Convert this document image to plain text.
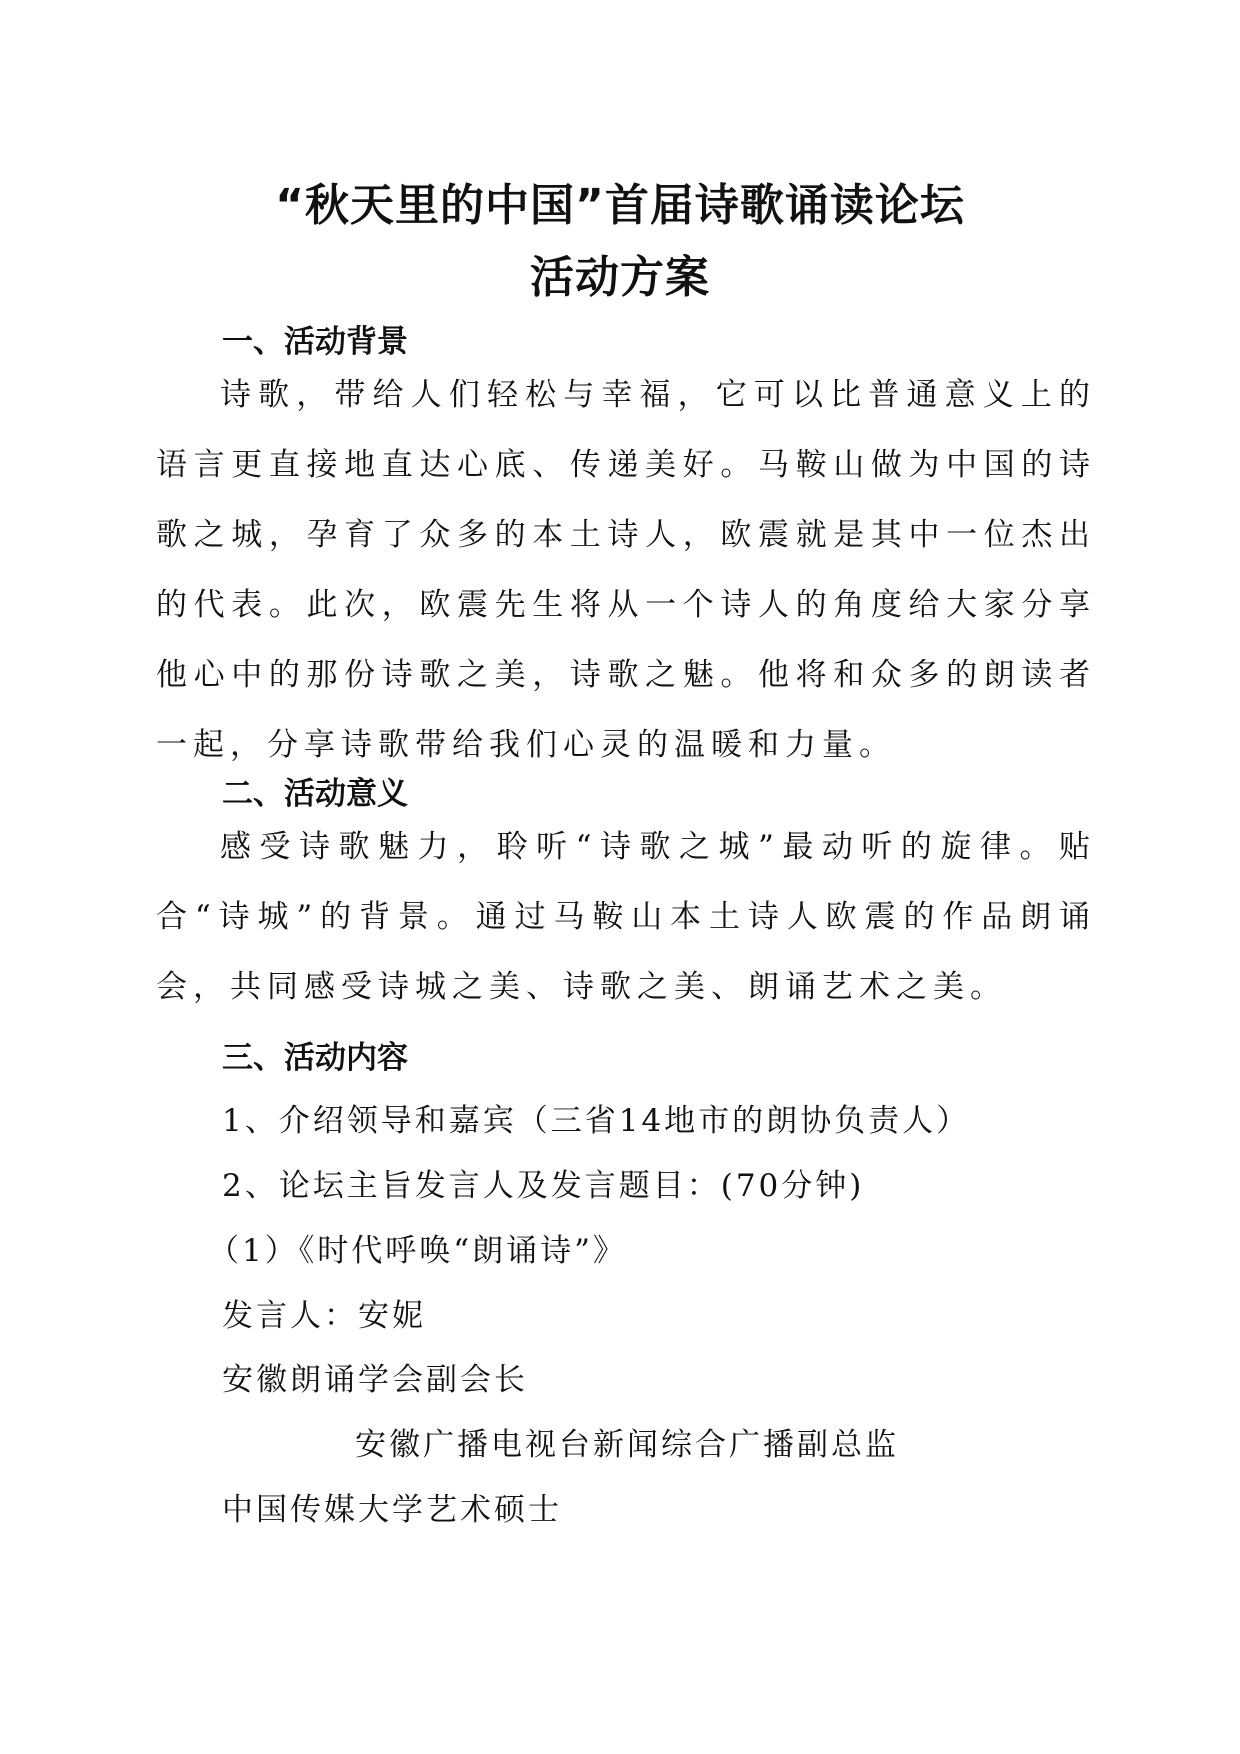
“秋天里的中国”首届诗歌诵读论坛
活动方案
一、活动背景
诗歌，带给人们轻松与幸福，它可以比普通意义上的语言更直接地直达心底、传递美好。马鞍山做为中国的诗歌之城，孕育了众多的本土诗人，欧震就是其中一位杰出的代表。此次，欧震先生将从一个诗人的角度给大家分享他心中的那份诗歌之美，诗歌之魅。他将和众多的朗读者一起，分享诗歌带给我们心灵的温暖和力量。
二、活动意义
感受诗歌魅力，聆听“诗歌之城”最动听的旋律。贴合“诗城”的背景。通过马鞍山本土诗人欧震的作品朗诵会，共同感受诗城之美、诗歌之美、朗诵艺术之美。
三、活动内容
1、介绍领导和嘉宾（三省14地市的朗协负责人）
2、论坛主旨发言人及发言题目：(70分钟)
（1）《时代呼唤“朗诵诗”》
发言人：安妮
安徽朗诵学会副会长
安徽广播电视台新闻综合广播副总监
中国传媒大学艺术硕士
